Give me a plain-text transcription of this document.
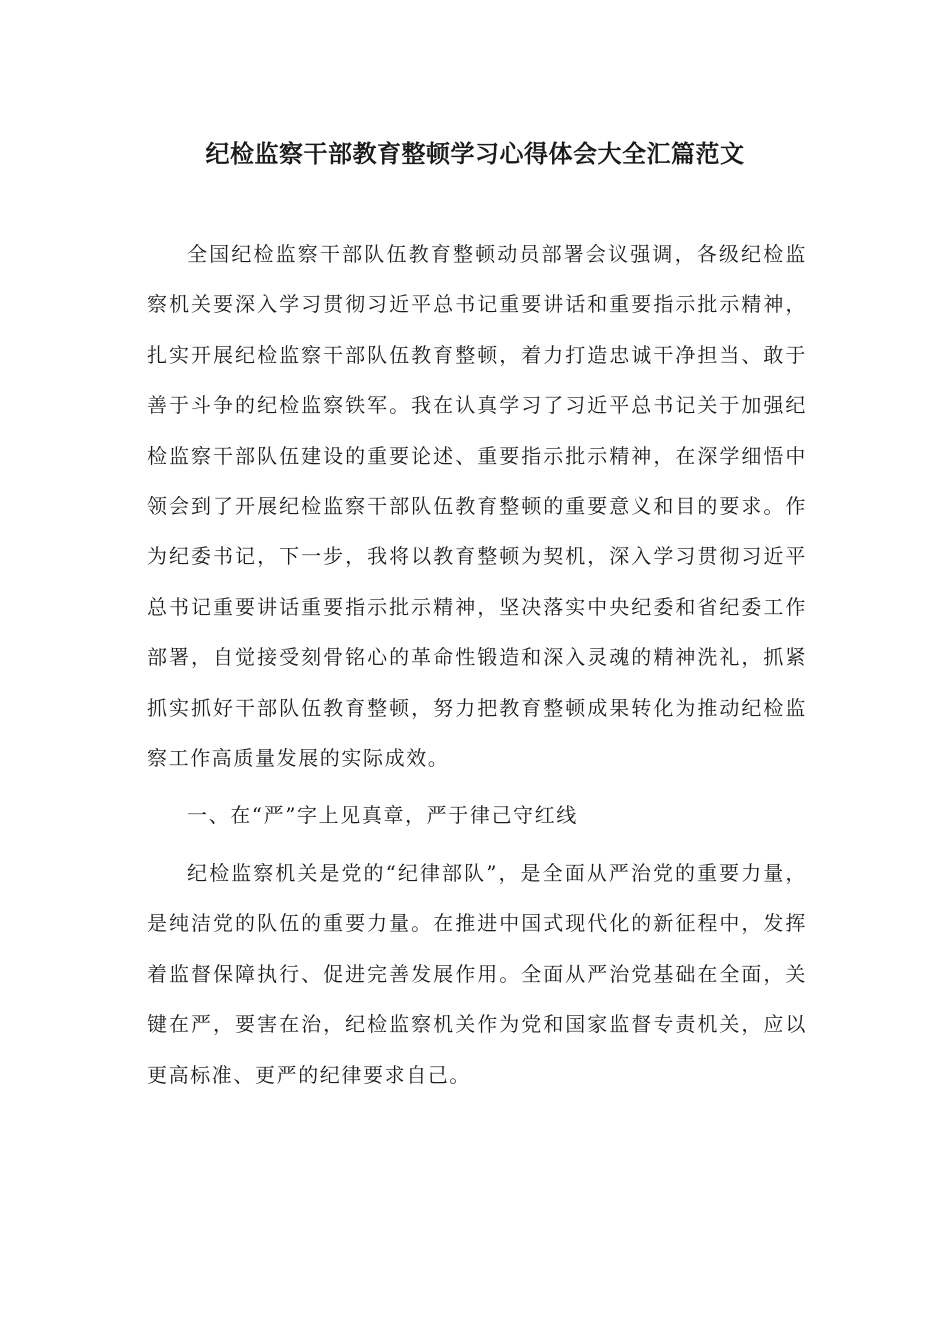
纪检监察干部教育整顿学习心得体会大全汇篇范文

全国纪检监察干部队伍教育整顿动员部署会议强调，各级纪检监察机关要深入学习贯彻习近平总书记重要讲话和重要指示批示精神，扎实开展纪检监察干部队伍教育整顿，着力打造忠诚干净担当、敢于善于斗争的纪检监察铁军。我在认真学习了习近平总书记关于加强纪检监察干部队伍建设的重要论述、重要指示批示精神，在深学细悟中领会到了开展纪检监察干部队伍教育整顿的重要意义和目的要求。作为纪委书记，下一步，我将以教育整顿为契机，深入学习贯彻习近平总书记重要讲话重要指示批示精神，坚决落实中央纪委和省纪委工作部署，自觉接受刻骨铭心的革命性锻造和深入灵魂的精神洗礼，抓紧抓实抓好干部队伍教育整顿，努力把教育整顿成果转化为推动纪检监察工作高质量发展的实际成效。

一、在“严”字上见真章，严于律己守红线

纪检监察机关是党的“纪律部队”，是全面从严治党的重要力量，是纯洁党的队伍的重要力量。在推进中国式现代化的新征程中，发挥着监督保障执行、促进完善发展作用。全面从严治党基础在全面，关键在严，要害在治，纪检监察机关作为党和国家监督专责机关，应以更高标准、更严的纪律要求自己。
